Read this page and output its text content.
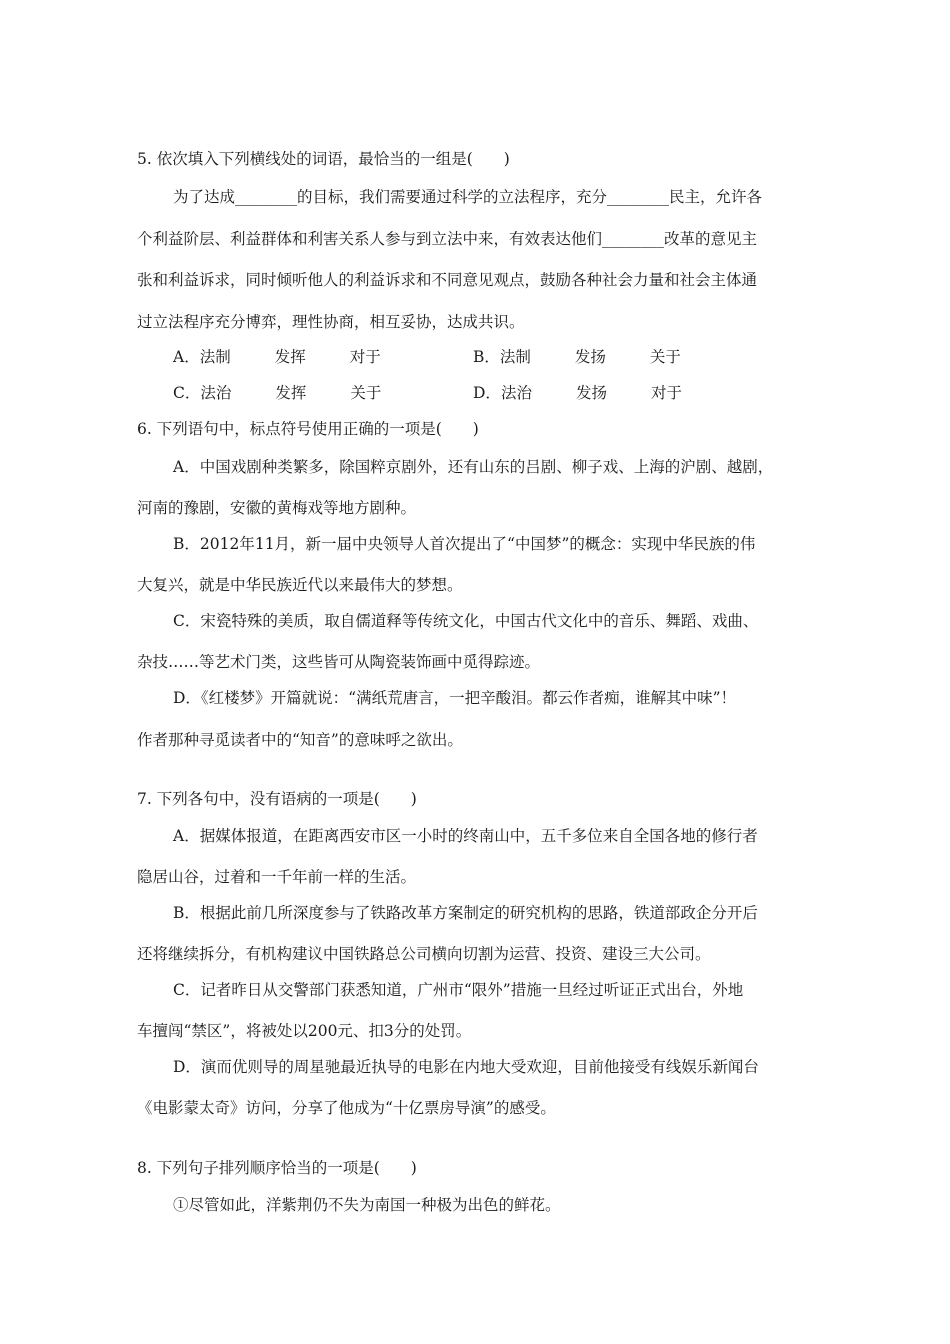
5. 依次填入下列横线处的词语，最恰当的一组是(　　)
为了达成________的目标，我们需要通过科学的立法程序，充分________民主，允许各
个利益阶层、利益群体和利害关系人参与到立法中来，有效表达他们________改革的意见主
张和利益诉求，同时倾听他人的利益诉求和不同意见观点，鼓励各种社会力量和社会主体通
过立法程序充分博弈，理性协商，相互妥协，达成共识。
A．法制	发挥	对于	B．法制	发扬	关于
C．法治	发挥	关于	D．法治	发扬	对于
6. 下列语句中，标点符号使用正确的一项是(　　)
A．中国戏剧种类繁多，除国粹京剧外，还有山东的吕剧、柳子戏、上海的沪剧、越剧，
河南的豫剧，安徽的黄梅戏等地方剧种。
B．2012年11月，新一届中央领导人首次提出了“中国梦”的概念：实现中华民族的伟
大复兴，就是中华民族近代以来最伟大的梦想。
C．宋瓷特殊的美质，取自儒道释等传统文化，中国古代文化中的音乐、舞蹈、戏曲、
杂技……等艺术门类，这些皆可从陶瓷装饰画中觅得踪迹。
D．《红楼梦》开篇就说：“满纸荒唐言，一把辛酸泪。都云作者痴，谁解其中味”！
作者那种寻觅读者中的“知音”的意味呼之欲出。
7. 下列各句中，没有语病的一项是(　　)
A．据媒体报道，在距离西安市区一小时的终南山中，五千多位来自全国各地的修行者
隐居山谷，过着和一千年前一样的生活。
B．根据此前几所深度参与了铁路改革方案制定的研究机构的思路，铁道部政企分开后
还将继续拆分，有机构建议中国铁路总公司横向切割为运营、投资、建设三大公司。
C．记者昨日从交警部门获悉知道，广州市“限外”措施一旦经过听证正式出台，外地
车擅闯“禁区”，将被处以200元、扣3分的处罚。
D．演而优则导的周星驰最近执导的电影在内地大受欢迎，目前他接受有线娱乐新闻台
《电影蒙太奇》访问，分享了他成为“十亿票房导演”的感受。
8. 下列句子排列顺序恰当的一项是(　　)
①尽管如此，洋紫荆仍不失为南国一种极为出色的鲜花。
